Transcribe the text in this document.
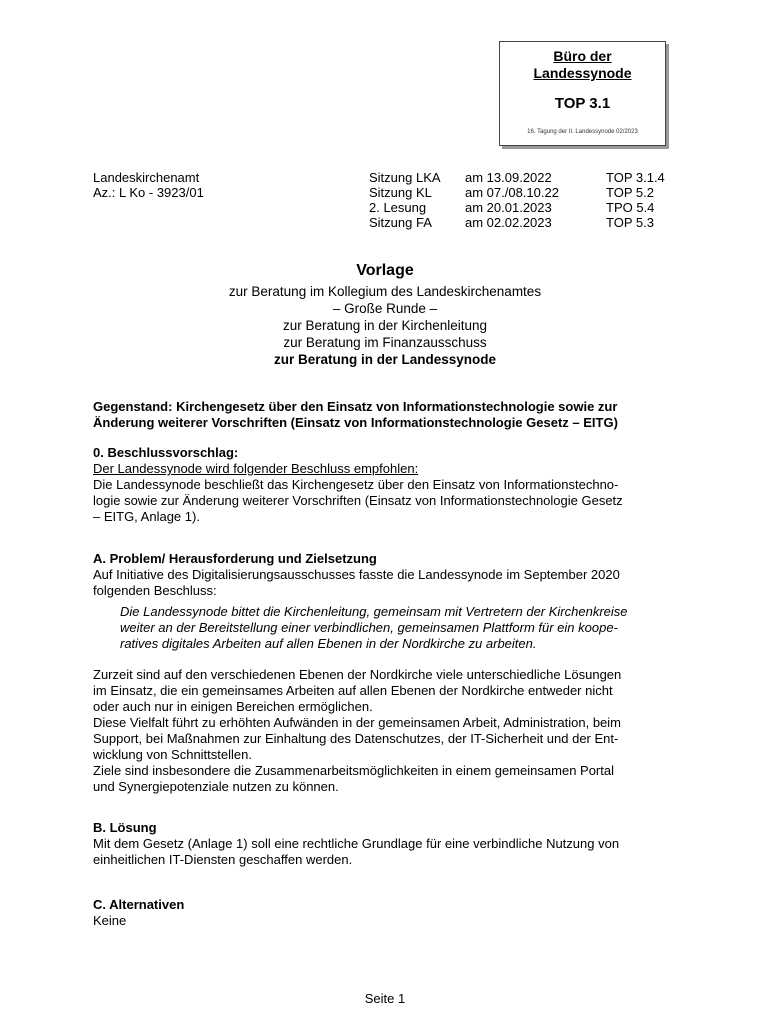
Büro der
Landessynode
TOP 3.1
16. Tagung der II. Landessynode 02/2023
Landeskirchenamt
Az.: L Ko - 3923/01
Sitzung LKA
Sitzung KL
2. Lesung
Sitzung FA
am 13.09.2022
am 07./08.10.22
am 20.01.2023
am 02.02.2023
TOP 3.1.4
TOP 5.2
TPO 5.4
TOP 5.3
Vorlage
zur Beratung im Kollegium des Landeskirchenamtes
– Große Runde –
zur Beratung in der Kirchenleitung
zur Beratung im Finanzausschuss
zur Beratung in der Landessynode
Gegenstand: Kirchengesetz über den Einsatz von Informationstechnologie sowie zur
Änderung weiterer Vorschriften (Einsatz von Informationstechnologie Gesetz – EITG)
0. Beschlussvorschlag:
Der Landessynode wird folgender Beschluss empfohlen:
Die Landessynode beschließt das Kirchengesetz über den Einsatz von Informationstechno-
logie sowie zur Änderung weiterer Vorschriften (Einsatz von Informationstechnologie Gesetz
– EITG, Anlage 1).
A. Problem/ Herausforderung und Zielsetzung
Auf Initiative des Digitalisierungsausschusses fasste die Landessynode im September 2020
folgenden Beschluss:
Die Landessynode bittet die Kirchenleitung, gemeinsam mit Vertretern der Kirchenkreise
weiter an der Bereitstellung einer verbindlichen, gemeinsamen Plattform für ein koope-
ratives digitales Arbeiten auf allen Ebenen in der Nordkirche zu arbeiten.
Zurzeit sind auf den verschiedenen Ebenen der Nordkirche viele unterschiedliche Lösungen
im Einsatz, die ein gemeinsames Arbeiten auf allen Ebenen der Nordkirche entweder nicht
oder auch nur in einigen Bereichen ermöglichen.
Diese Vielfalt führt zu erhöhten Aufwänden in der gemeinsamen Arbeit, Administration, beim
Support, bei Maßnahmen zur Einhaltung des Datenschutzes, der IT-Sicherheit und der Ent-
wicklung von Schnittstellen.
Ziele sind insbesondere die Zusammenarbeitsmöglichkeiten in einem gemeinsamen Portal
und Synergiepotenziale nutzen zu können.
B. Lösung
Mit dem Gesetz (Anlage 1) soll eine rechtliche Grundlage für eine verbindliche Nutzung von
einheitlichen IT-Diensten geschaffen werden.
C. Alternativen
Keine
Seite 1
